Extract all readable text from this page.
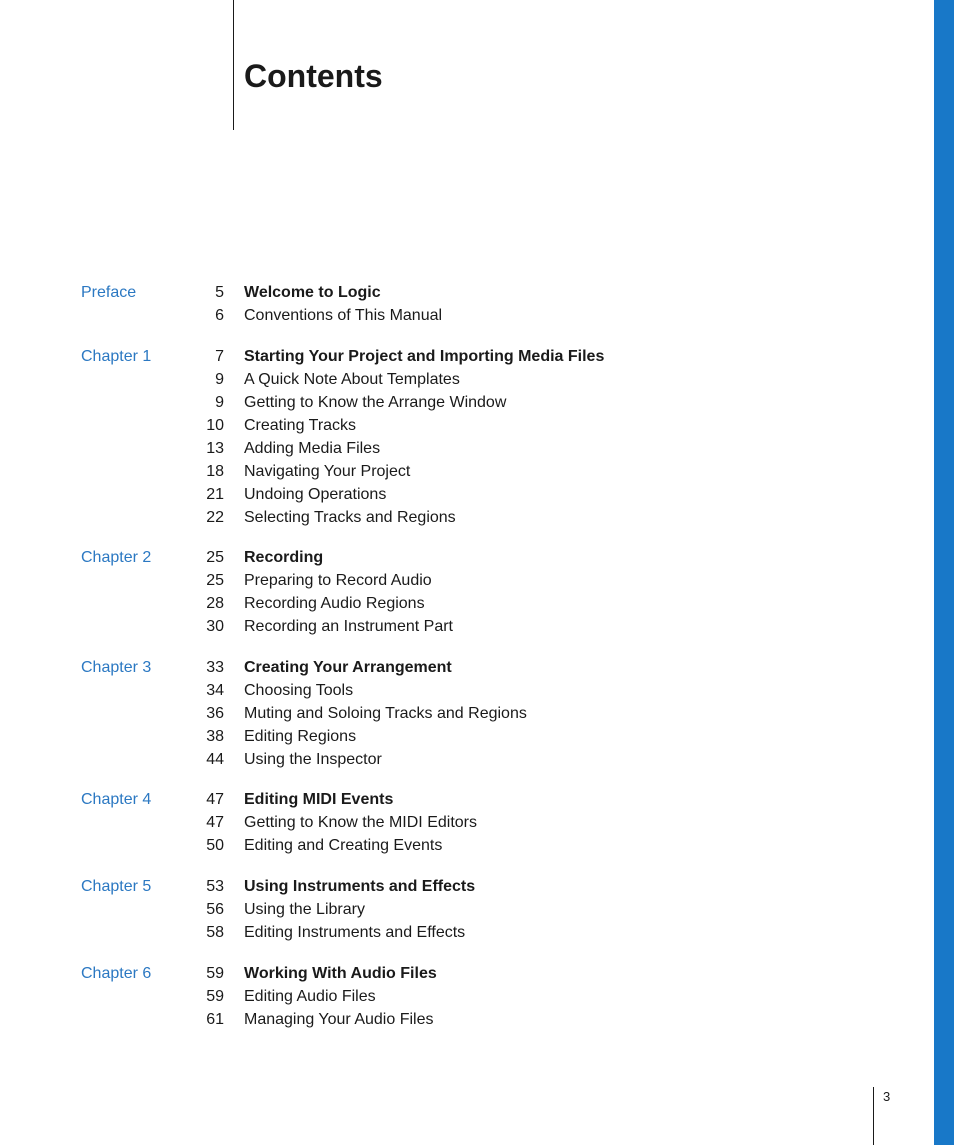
Contents
Preface	5 Welcome to Logic
6 Conventions of This Manual
Chapter 1	7 Starting Your Project and Importing Media Files
9 A Quick Note About Templates
9 Getting to Know the Arrange Window
10 Creating Tracks
13 Adding Media Files
18 Navigating Your Project
21 Undoing Operations
22 Selecting Tracks and Regions
Chapter 2	25 Recording
25 Preparing to Record Audio
28 Recording Audio Regions
30 Recording an Instrument Part
Chapter 3	33 Creating Your Arrangement
34 Choosing Tools
36 Muting and Soloing Tracks and Regions
38 Editing Regions
44 Using the Inspector
Chapter 4	47 Editing MIDI Events
47 Getting to Know the MIDI Editors
50 Editing and Creating Events
Chapter 5	53 Using Instruments and Effects
56 Using the Library
58 Editing Instruments and Effects
Chapter 6	59 Working With Audio Files
59 Editing Audio Files
61 Managing Your Audio Files
3
